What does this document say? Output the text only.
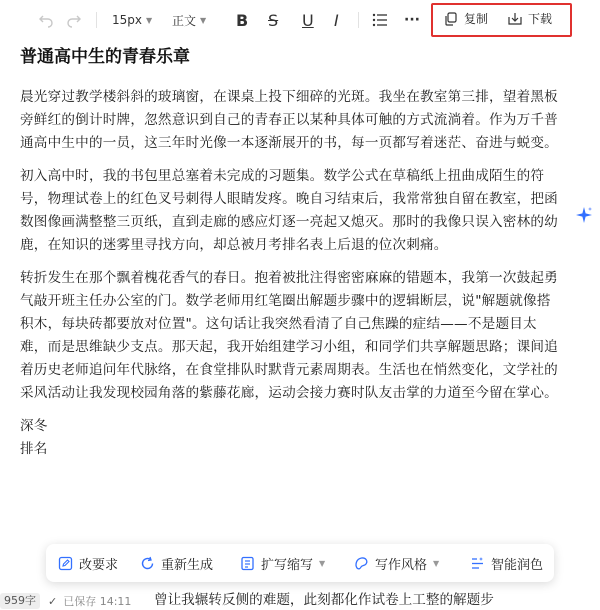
15px ▼ 正文 ▼ B S U I	···	复制	下载
普通高中生的青春乐章

晨光穿过教学楼斜斜的玻璃窗，在课桌上投下细碎的光斑。我坐在教室第三排，望着黑板旁鲜红的倒计时牌，忽然意识到自己的青春正以某种具体可触的方式流淌着。作为万千普通高中生中的一员，这三年时光像一本逐渐展开的书，每一页都写着迷茫、奋进与蜕变。

初入高中时，我的书包里总塞着未完成的习题集。数学公式在草稿纸上扭曲成陌生的符号，物理试卷上的红色叉号刺得人眼睛发疼。晚自习结束后，我常常独自留在教室，把函数图像画满整整三页纸，直到走廊的感应灯逐一亮起又熄灭。那时的我像只误入密林的幼鹿，在知识的迷雾里寻找方向，却总被月考排名表上后退的位次刺痛。

转折发生在那个飘着槐花香气的春日。抱着被批注得密密麻麻的错题本，我第一次鼓起勇气敲开班主任办公室的门。数学老师用红笔圈出解题步骤中的逻辑断层，说"解题就像搭积木，每块砖都要放对位置"。这句话让我突然看清了自己焦躁的症结——不是题目太难，而是思维缺少支点。那天起，我开始组建学习小组，和同学们共享解题思路；课间追着历史老师追问年代脉络，在食堂排队时默背元素周期表。生活也在悄然变化，文学社的采风活动让我发现校园角落的紫藤花廊，运动会接力赛时队友击掌的力道至今留在掌心。

深冬

排名

改要求	重新生成	扩写缩写 ▼	写作风格 ▼	智能润色
959字	✓ 已保存 14:11 曾让我辗转反侧的难题，此刻都化作试卷上工整的解题步
